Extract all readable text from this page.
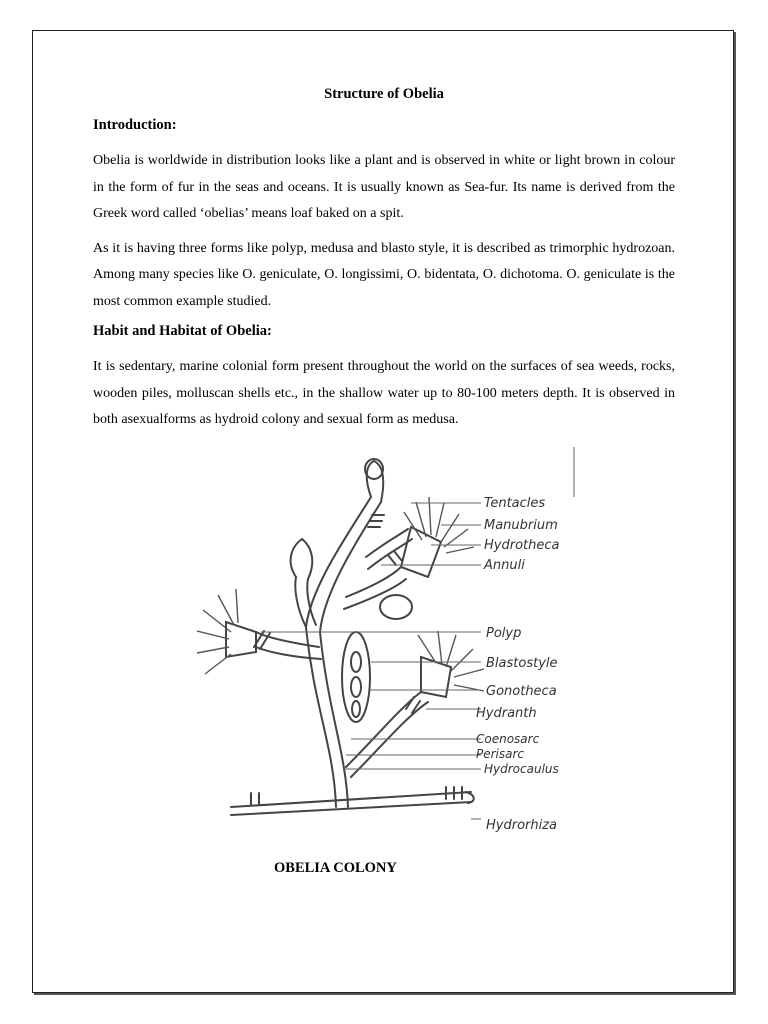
Structure of Obelia
Introduction:

Obelia is worldwide in distribution looks like a plant and is observed in white or light brown in colour in the form of fur in the seas and oceans. It is usually known as Sea-fur. Its name is derived from the Greek word called ‘obelias’ means loaf baked on a spit.

As it is having three forms like polyp, medusa and blasto style, it is described as trimorphic hydrozoan. Among many species like O. geniculate, O. longissimi, O. bidentata, O. dichotoma. O. geniculate is the most common example studied.

Habit and Habitat of Obelia:

It is sedentary, marine colonial form present throughout the world on the surfaces of sea weeds, rocks, wooden piles, molluscan shells etc., in the shallow water up to 80-100 meters depth. It is observed in both asexualforms as hydroid colony and sexual form as medusa.

Tentacles
Manubrium
Hydrotheca
Annuli
Polyp
Blastostyle
Gonotheca
Hydranth
Coenosarc
Perisarc
Hydrocaulus
Hydrorhiza
OBELIA COLONY
